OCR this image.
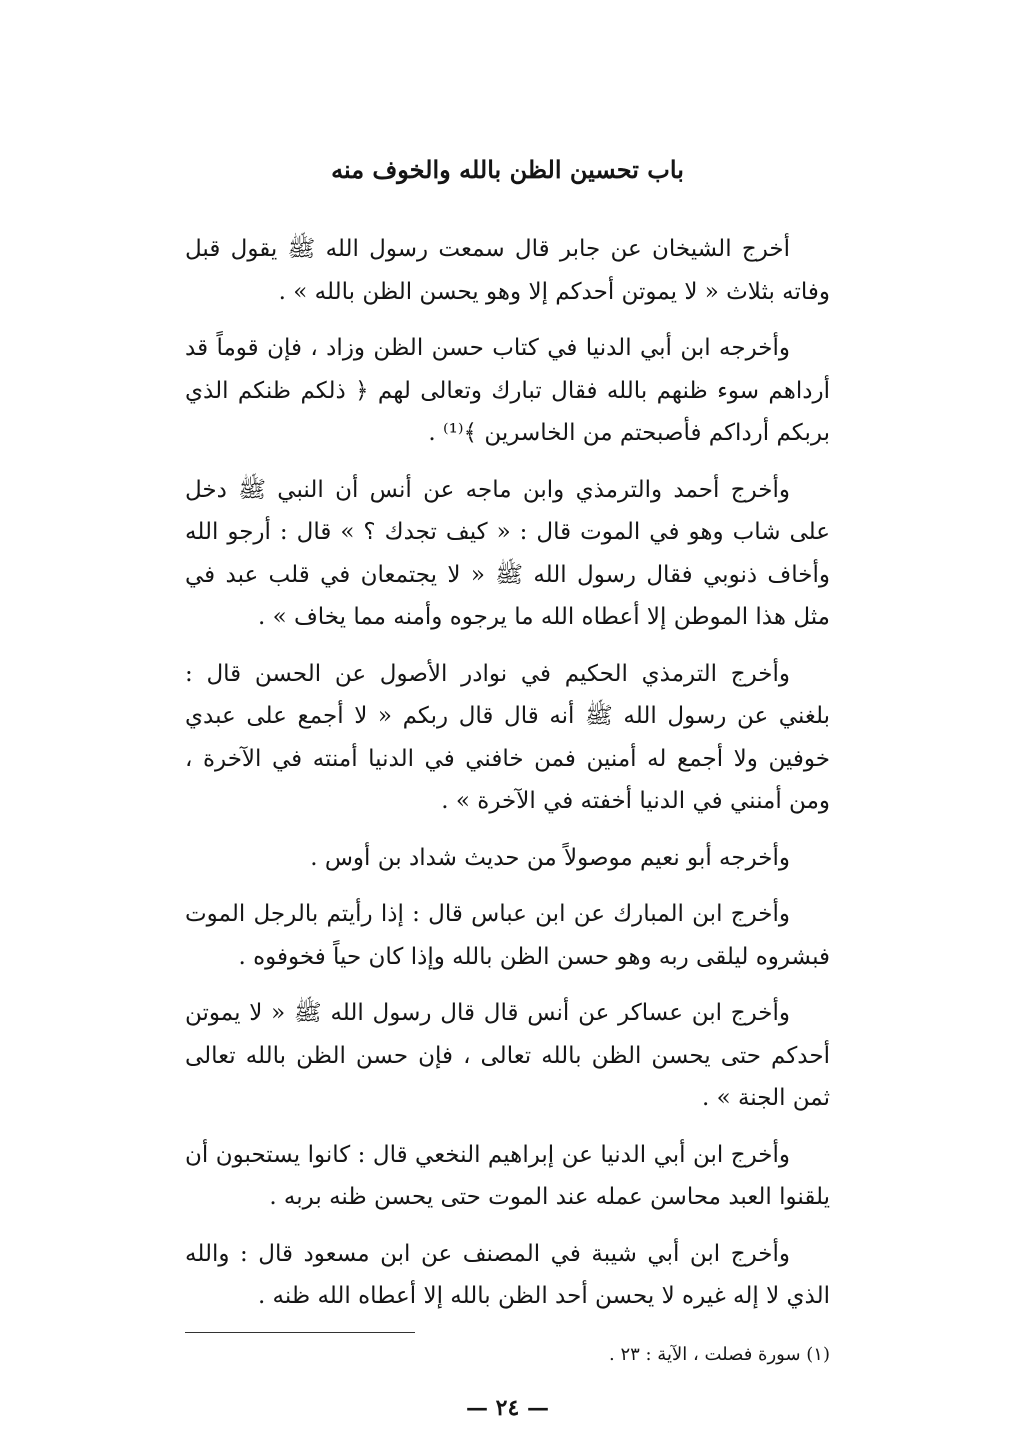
باب تحسين الظن بالله والخوف منه

أخرج الشيخان عن جابر قال سمعت رسول الله ﷺ يقول قبل وفاته بثلاث « لا يموتن أحدكم إلا وهو يحسن الظن بالله » .

وأخرجه ابن أبي الدنيا في كتاب حسن الظن وزاد ، فإن قوماً قد أرداهم سوء ظنهم بالله فقال تبارك وتعالى لهم ﴿ ذلكم ظنكم الذي بربكم أرداكم فأصبحتم من الخاسرين ﴾⁽¹⁾ .

وأخرج أحمد والترمذي وابن ماجه عن أنس أن النبي ﷺ دخل على شاب وهو في الموت قال : « كيف تجدك ؟ » قال : أرجو الله وأخاف ذنوبي فقال رسول الله ﷺ « لا يجتمعان في قلب عبد في مثل هذا الموطن إلا أعطاه الله ما يرجوه وأمنه مما يخاف » .

وأخرج الترمذي الحكيم في نوادر الأصول عن الحسن قال : بلغني عن رسول الله ﷺ أنه قال قال ربكم « لا أجمع على عبدي خوفين ولا أجمع له أمنين فمن خافني في الدنيا أمنته في الآخرة ، ومن أمنني في الدنيا أخفته في الآخرة » .

وأخرجه أبو نعيم موصولاً من حديث شداد بن أوس .

وأخرج ابن المبارك عن ابن عباس قال : إذا رأيتم بالرجل الموت فبشروه ليلقى ربه وهو حسن الظن بالله وإذا كان حياً فخوفوه .

وأخرج ابن عساكر عن أنس قال قال رسول الله ﷺ « لا يموتن أحدكم حتى يحسن الظن بالله تعالى ، فإن حسن الظن بالله تعالى ثمن الجنة » .

وأخرج ابن أبي الدنيا عن إبراهيم النخعي قال : كانوا يستحبون أن يلقنوا العبد محاسن عمله عند الموت حتى يحسن ظنه بربه .

وأخرج ابن أبي شيبة في المصنف عن ابن مسعود قال : والله الذي لا إله غيره لا يحسن أحد الظن بالله إلا أعطاه الله ظنه .

(١) سورة فصلت ، الآية : ٢٣ .
— ٢٤ —
